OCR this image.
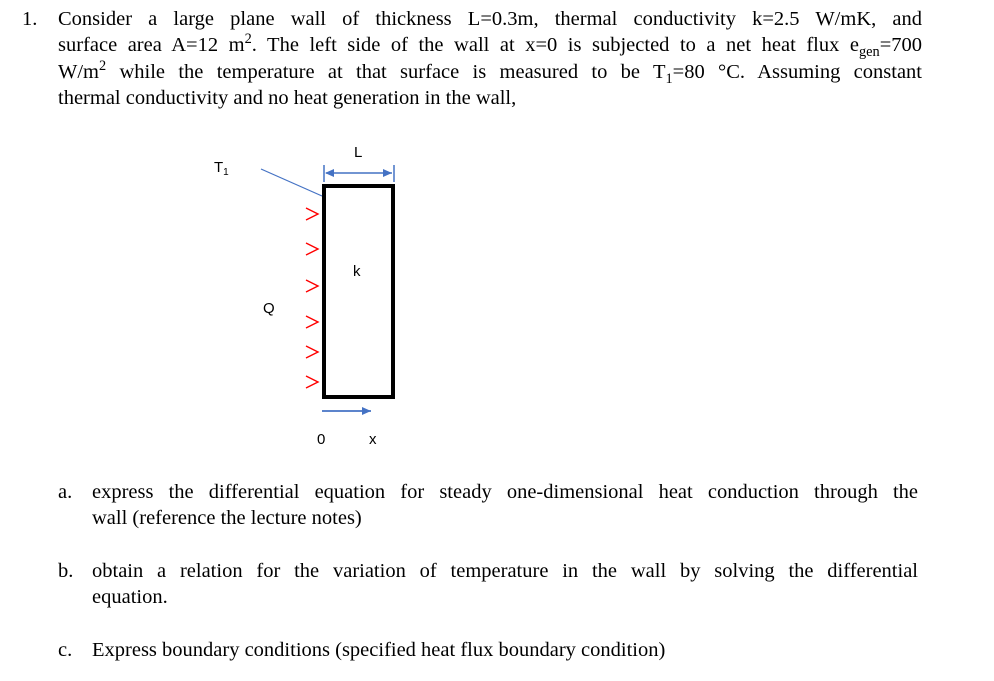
1. Consider a large plane wall of thickness L=0.3m, thermal conductivity k=2.5 W/mK, and
surface area A=12 $m^2$. The left side of the wall at x=0 is subjected to a net heat flux $e_{gen}=700$
$W/m^2$ while the temperature at that surface is measured to be $T_1=80$ °C. Assuming constant
thermal conductivity and no heat generation in the wall,
L
$T_1$
k
Q
0	x
a. express the differential equation for steady one-dimensional heat conduction through the
wall (reference the lecture notes)
b. obtain a relation for the variation of temperature in the wall by solving the differential
equation.
c. Express boundary conditions (specified heat flux boundary condition)
